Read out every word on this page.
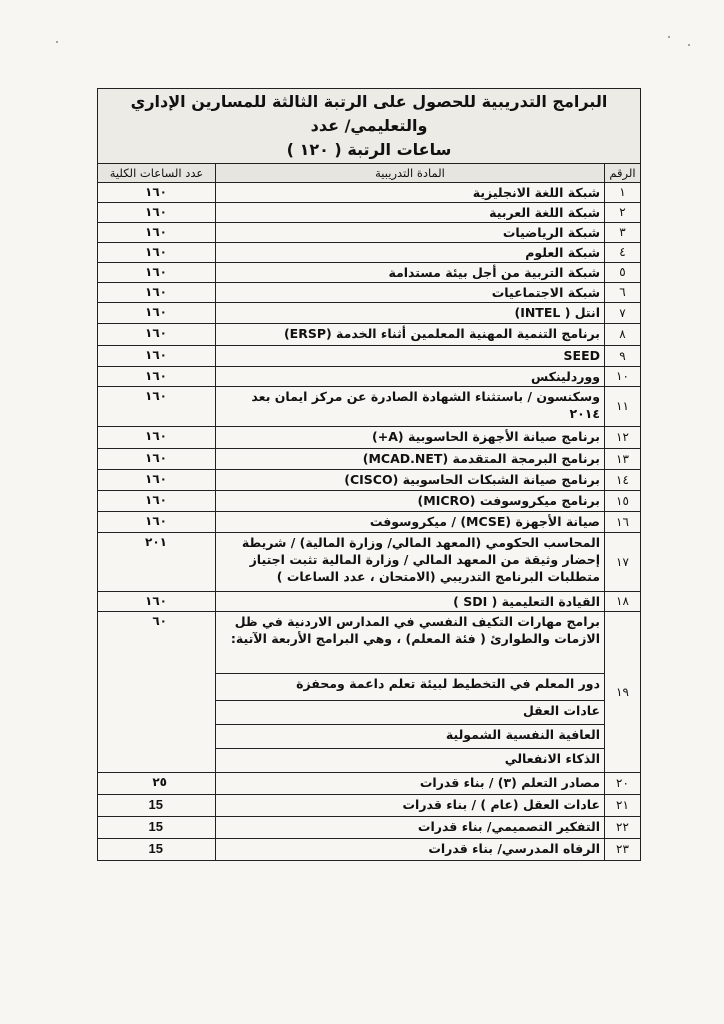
البرامج التدريبية للحصول على الرتبة الثالثة للمسارين الإداري والتعليمي/ عدد
ساعات الرتبة ( ١٢٠ )		

الرقم	المادة التدريبية	عدد الساعات الكلية
١	شبكة اللغة الانجليزية	١٦٠
٢	شبكة اللغة العربية	١٦٠
٣	شبكة الرياضيات	١٦٠
٤	شبكة العلوم	١٦٠
٥	شبكة التربية من أجل بيئة مستدامة	١٦٠
٦	شبكة الاجتماعيات	١٦٠
٧	انتل ( INTEL)	١٦٠
٨	برنامج التنمية المهنية المعلمين أثناء الخدمة (ERSP)	١٦٠
٩	SEED	١٦٠
١٠	ووردلينكس	١٦٠
١١	وسكنسون / باستثناء الشهادة الصادرة عن مركز ايمان بعد ٢٠١٤	١٦٠
١٢	برنامج صيانة الأجهزة الحاسوبية (A+)	١٦٠
١٣	برنامج البرمجة المتقدمة (MCAD.NET)	١٦٠
١٤	برنامج صيانة الشبكات الحاسوبية (CISCO)	١٦٠
١٥	برنامج ميكروسوفت (MICRO)	١٦٠
١٦	صيانة الأجهزة (MCSE) / ميكروسوفت	١٦٠
١٧	المحاسب الحكومي (المعهد المالي/ وزارة المالية) / شريطة إحضار وثيقة من المعهد المالي / وزارة المالية تثبت اجتياز متطلبات البرنامج التدريبي (الامتحان ، عدد الساعات )	٢٠١
١٨	القيادة التعليمية ( SDI )	١٦٠
١٩	برامج مهارات التكيف النفسي في المدارس الاردنية في ظل الازمات والطوارئ ( فئة المعلم) ، وهي البرامج الأربعة الآتية:	٦٠
	دور المعلم في التخطيط لبيئة تعلم داعمة ومحفزة	
	عادات العقل	
	العافية النفسية الشمولية	
	الذكاء الانفعالي	
٢٠	مصادر التعلم (٣) / بناء قدرات	٢٥
٢١	عادات العقل (عام ) / بناء قدرات	15
٢٢	التفكير التصميمي/ بناء قدرات	15
٢٣	الرفاه المدرسي/ بناء قدرات	15
